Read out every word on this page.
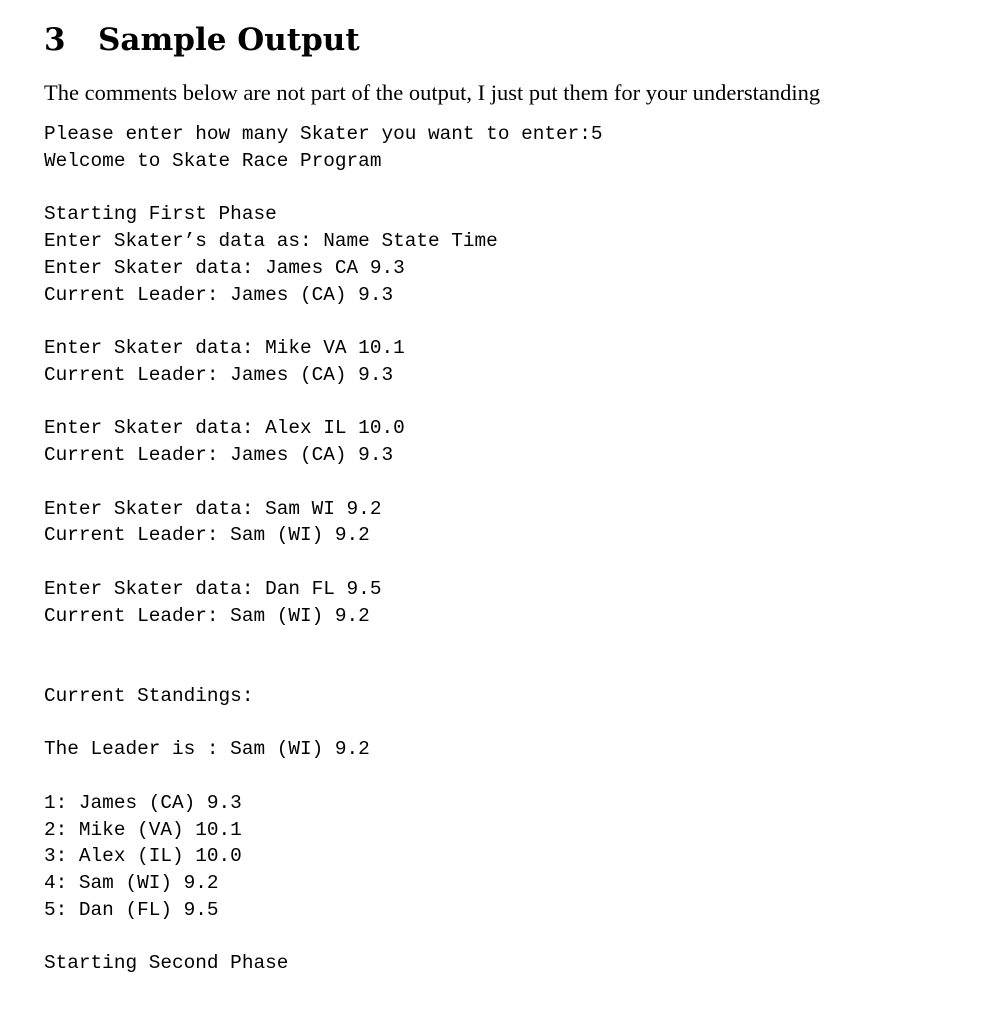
3 Sample Output

The comments below are not part of the output, I just put them for your understanding

Please enter how many Skater you want to enter:5
Welcome to Skate Race Program
Starting First Phase
Enter Skater’s data as: Name State Time
Enter Skater data: James CA 9.3
Current Leader: James (CA) 9.3
Enter Skater data: Mike VA 10.1
Current Leader: James (CA) 9.3
Enter Skater data: Alex IL 10.0
Current Leader: James (CA) 9.3
Enter Skater data: Sam WI 9.2
Current Leader: Sam (WI) 9.2
Enter Skater data: Dan FL 9.5
Current Leader: Sam (WI) 9.2
Current Standings:
The Leader is : Sam (WI) 9.2
1: James (CA) 9.3
2: Mike (VA) 10.1
3: Alex (IL) 10.0
4: Sam (WI) 9.2
5: Dan (FL) 9.5
Starting Second Phase
